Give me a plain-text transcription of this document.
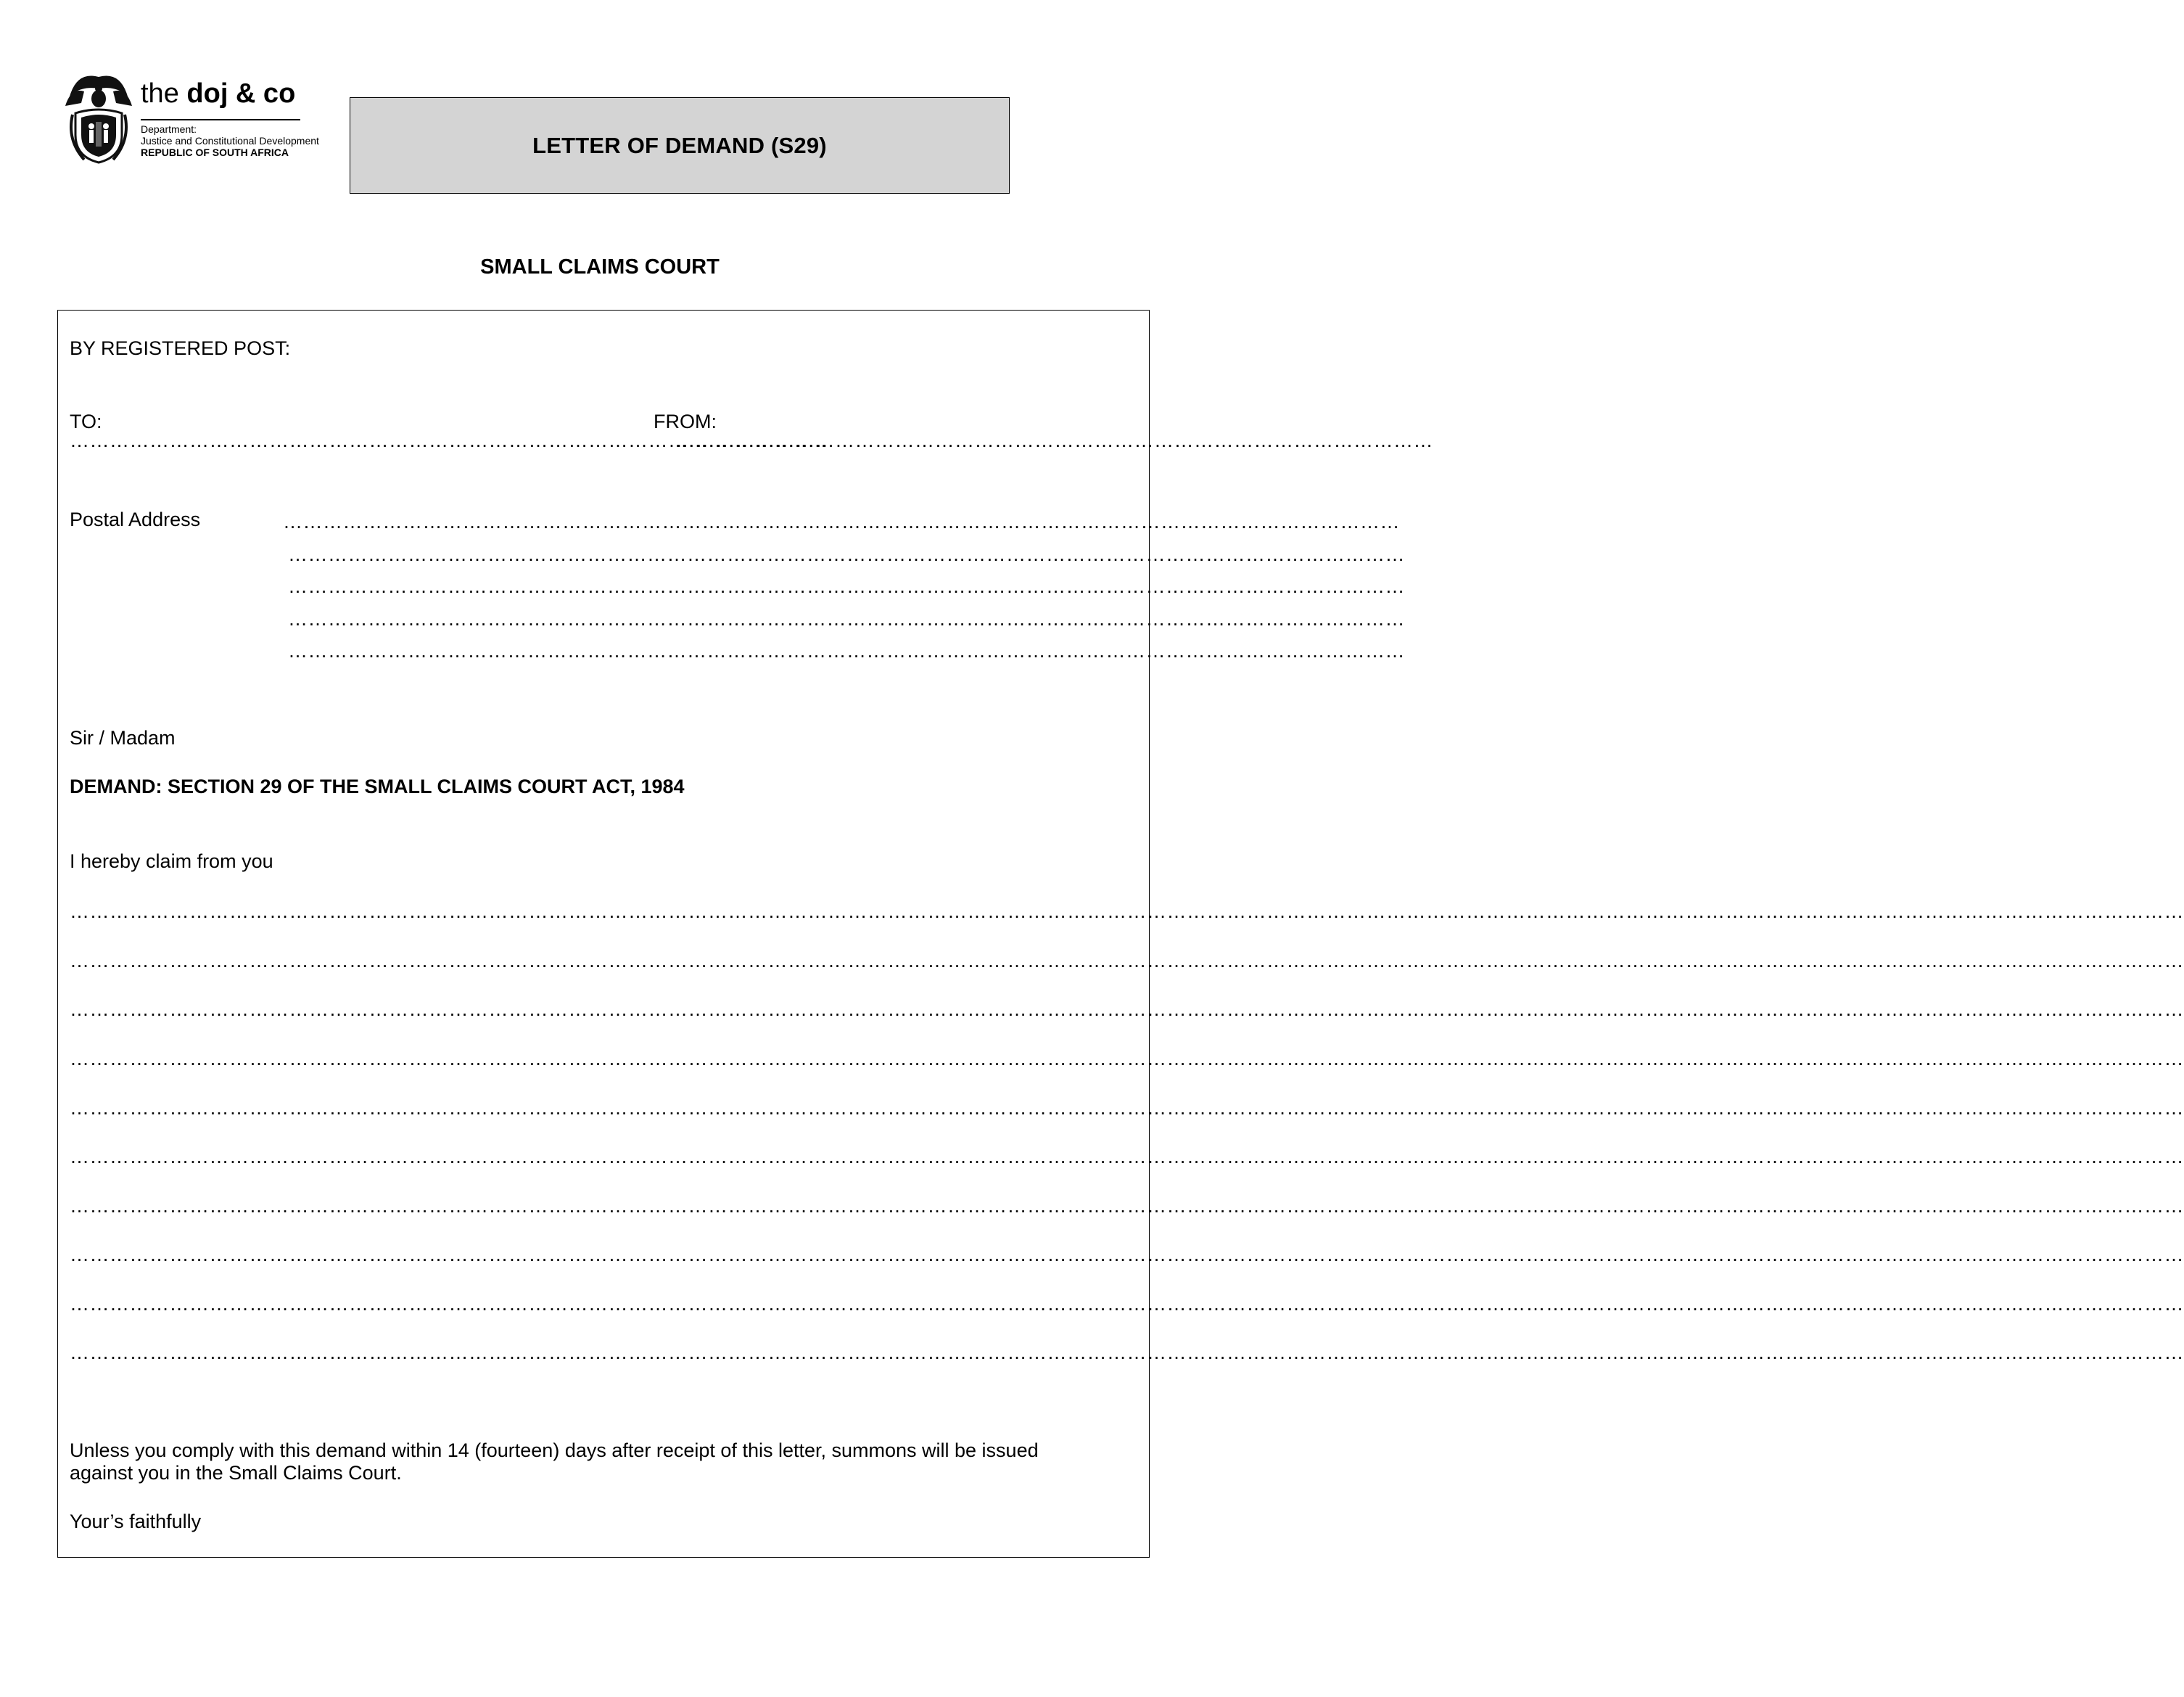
the doj & co
Department:
Justice and Constitutional Development
REPUBLIC OF SOUTH AFRICA	LETTER OF DEMAND (S29)
SMALL CLAIMS COURT
BY REGISTERED POST:
TO:	FROM:
……………………………………………………………………………………………………
……………………………………………………………………………………………………
Postal Address	……………………………………………………………………………………………………………………………………………………
……………………………………………………………………………………………………………………………………………………
……………………………………………………………………………………………………………………………………………………
……………………………………………………………………………………………………………………………………………………
……………………………………………………………………………………………………………………………………………………
Sir / Madam
DEMAND: SECTION 29 OF THE SMALL CLAIMS COURT ACT, 1984
I hereby claim from you
…………………………………………………………………………………………………………………………………………………………………………………………………………………………………………………………………………………………
…………………………………………………………………………………………………………………………………………………………………………………………………………………………………………………………………………………………
…………………………………………………………………………………………………………………………………………………………………………………………………………………………………………………………………………………………
…………………………………………………………………………………………………………………………………………………………………………………………………………………………………………………………………………………………
…………………………………………………………………………………………………………………………………………………………………………………………………………………………………………………………………………………………
…………………………………………………………………………………………………………………………………………………………………………………………………………………………………………………………………………………………
…………………………………………………………………………………………………………………………………………………………………………………………………………………………………………………………………………………………
…………………………………………………………………………………………………………………………………………………………………………………………………………………………………………………………………………………………
…………………………………………………………………………………………………………………………………………………………………………………………………………………………………………………………………………………………
…………………………………………………………………………………………………………………………………………………………………………………………………………………………………………………………………………………………
Unless you comply with this demand within 14 (fourteen) days after receipt of this letter, summons will be issued
against you in the Small Claims Court.
Your’s faithfully
